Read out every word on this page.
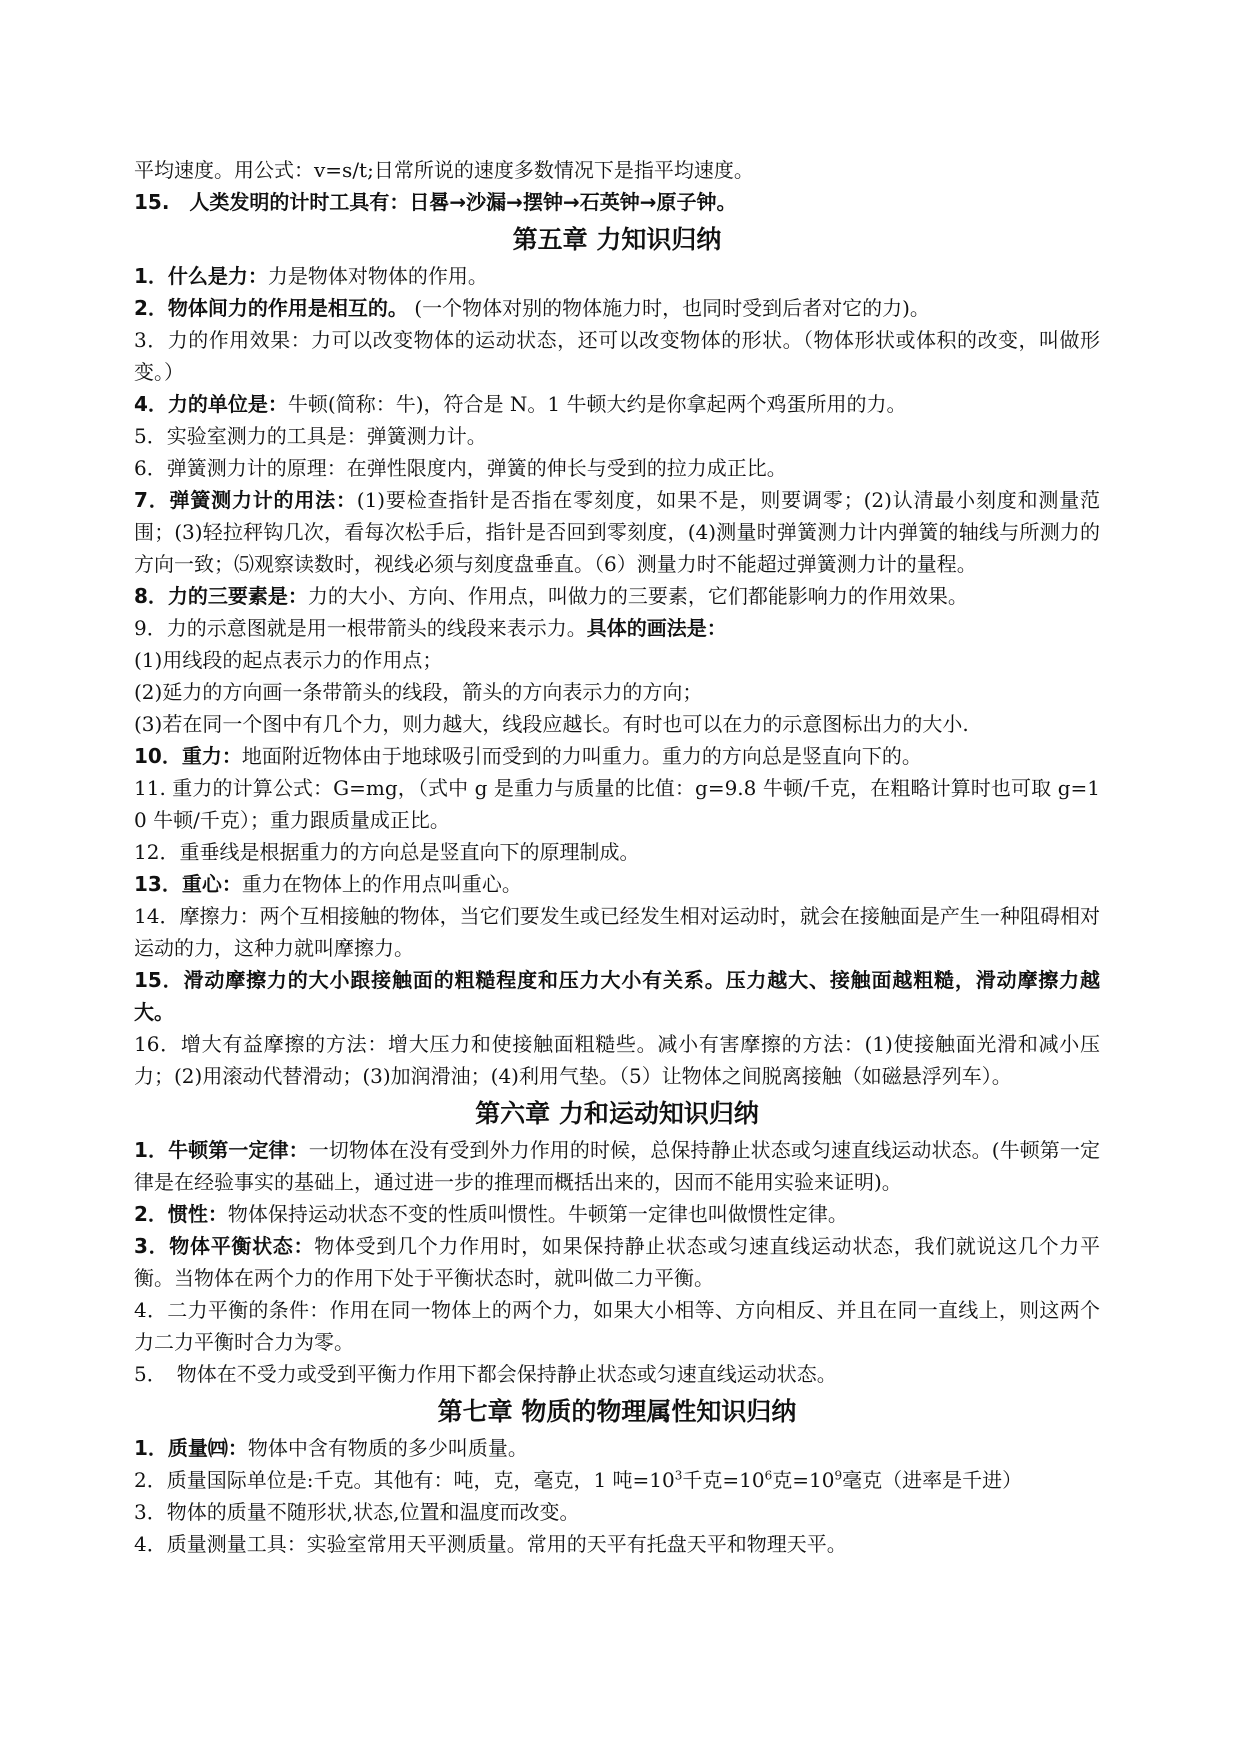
平均速度。用公式：v=s/t;日常所说的速度多数情况下是指平均速度。

15.　人类发明的计时工具有：日晷→沙漏→摆钟→石英钟→原子钟。

第五章 力知识归纳

1．什么是力：力是物体对物体的作用。

2．物体间力的作用是相互的。 (一个物体对别的物体施力时，也同时受到后者对它的力)。

3．力的作用效果：力可以改变物体的运动状态，还可以改变物体的形状。（物体形状或体积的改变，叫做形变。）

4．力的单位是：牛顿(简称：牛)，符合是 N。1 牛顿大约是你拿起两个鸡蛋所用的力。

5．实验室测力的工具是：弹簧测力计。

6．弹簧测力计的原理：在弹性限度内，弹簧的伸长与受到的拉力成正比。

7．弹簧测力计的用法：(1)要检查指针是否指在零刻度，如果不是，则要调零；(2)认清最小刻度和测量范围；(3)轻拉秤钩几次，看每次松手后，指针是否回到零刻度，(4)测量时弹簧测力计内弹簧的轴线与所测力的方向一致；⑸观察读数时，视线必须与刻度盘垂直。（6）测量力时不能超过弹簧测力计的量程。

8．力的三要素是：力的大小、方向、作用点，叫做力的三要素，它们都能影响力的作用效果。

9．力的示意图就是用一根带箭头的线段来表示力。具体的画法是：

(1)用线段的起点表示力的作用点；

(2)延力的方向画一条带箭头的线段，箭头的方向表示力的方向；

(3)若在同一个图中有几个力，则力越大，线段应越长。有时也可以在力的示意图标出力的大小.

10．重力：地面附近物体由于地球吸引而受到的力叫重力。重力的方向总是竖直向下的。

11. 重力的计算公式：G=mg，（式中 g 是重力与质量的比值：g=9.8 牛顿/千克，在粗略计算时也可取 g=10 牛顿/千克）；重力跟质量成正比。

12．重垂线是根据重力的方向总是竖直向下的原理制成。

13．重心：重力在物体上的作用点叫重心。

14．摩擦力：两个互相接触的物体，当它们要发生或已经发生相对运动时，就会在接触面是产生一种阻碍相对运动的力，这种力就叫摩擦力。

15．滑动摩擦力的大小跟接触面的粗糙程度和压力大小有关系。压力越大、接触面越粗糙，滑动摩擦力越大。

16．增大有益摩擦的方法：增大压力和使接触面粗糙些。减小有害摩擦的方法：(1)使接触面光滑和减小压 力；(2)用滚动代替滑动；(3)加润滑油；(4)利用气垫。（5）让物体之间脱离接触（如磁悬浮列车）。

第六章 力和运动知识归纳

1．牛顿第一定律：一切物体在没有受到外力作用的时候，总保持静止状态或匀速直线运动状态。(牛顿第一定律是在经验事实的基础上，通过进一步的推理而概括出来的，因而不能用实验来证明)。

2．惯性：物体保持运动状态不变的性质叫惯性。牛顿第一定律也叫做惯性定律。

3．物体平衡状态：物体受到几个力作用时，如果保持静止状态或匀速直线运动状态，我们就说这几个力平衡。当物体在两个力的作用下处于平衡状态时，就叫做二力平衡。

4．二力平衡的条件：作用在同一物体上的两个力，如果大小相等、方向相反、并且在同一直线上，则这两个力二力平衡时合力为零。

5．　物体在不受力或受到平衡力作用下都会保持静止状态或匀速直线运动状态。

第七章 物质的物理属性知识归纳

1．质量㈣：物体中含有物质的多少叫质量。

2．质量国际单位是:千克。其他有：吨，克，毫克，1 吨$=10^3$千克$=10^6$克$=10^9$毫克（进率是千进）

3．物体的质量不随形状,状态,位置和温度而改变。

4．质量测量工具：实验室常用天平测质量。常用的天平有托盘天平和物理天平。
